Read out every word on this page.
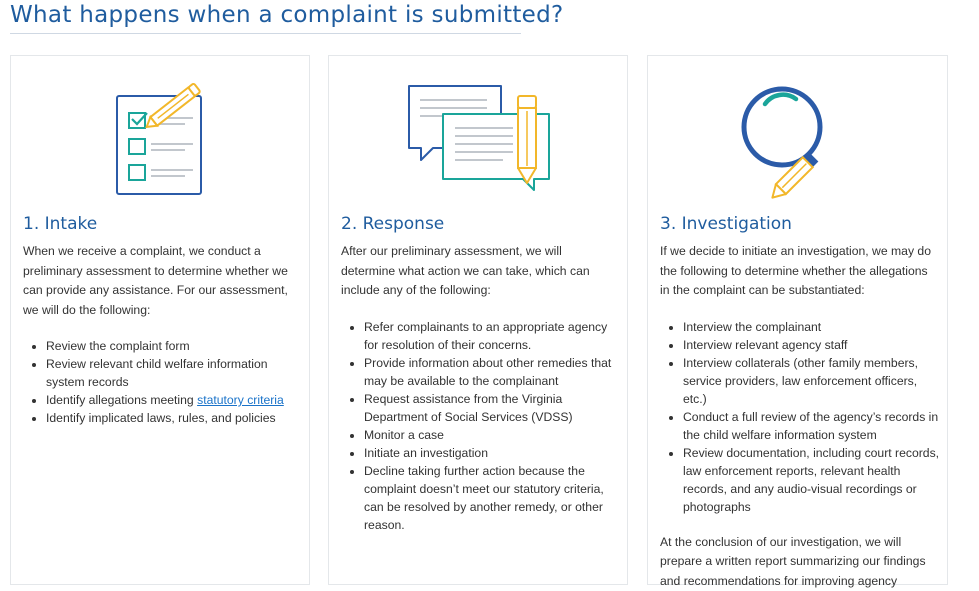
What happens when a complaint is submitted?
1. Intake

When we receive a complaint, we conduct a preliminary assessment to determine whether we can provide any assistance. For our assessment, we will do the following:

• Review the complaint form
• Review relevant child welfare information system records
• Identify allegations meeting statutory criteria
• Identify implicated laws, rules, and policies
2. Response

After our preliminary assessment, we will determine what action we can take, which can include any of the following:

• Refer complainants to an appropriate agency for resolution of their concerns.
• Provide information about other remedies that may be available to the complainant
• Request assistance from the Virginia Department of Social Services (VDSS)
• Monitor a case
• Initiate an investigation
• Decline taking further action because the complaint doesn’t meet our statutory criteria, can be resolved by another remedy, or other reason.
3. Investigation

If we decide to initiate an investigation, we may do the following to determine whether the allegations in the complaint can be substantiated:

• Interview the complainant
• Interview relevant agency staff
• Interview collaterals (other family members, service providers, law enforcement officers, etc.)
• Conduct a full review of the agency’s records in the child welfare information system
• Review documentation, including court records, law enforcement reports, relevant health records, and any audio-visual recordings or photographs

At the conclusion of our investigation, we will prepare a written report summarizing our findings and recommendations for improving agency
